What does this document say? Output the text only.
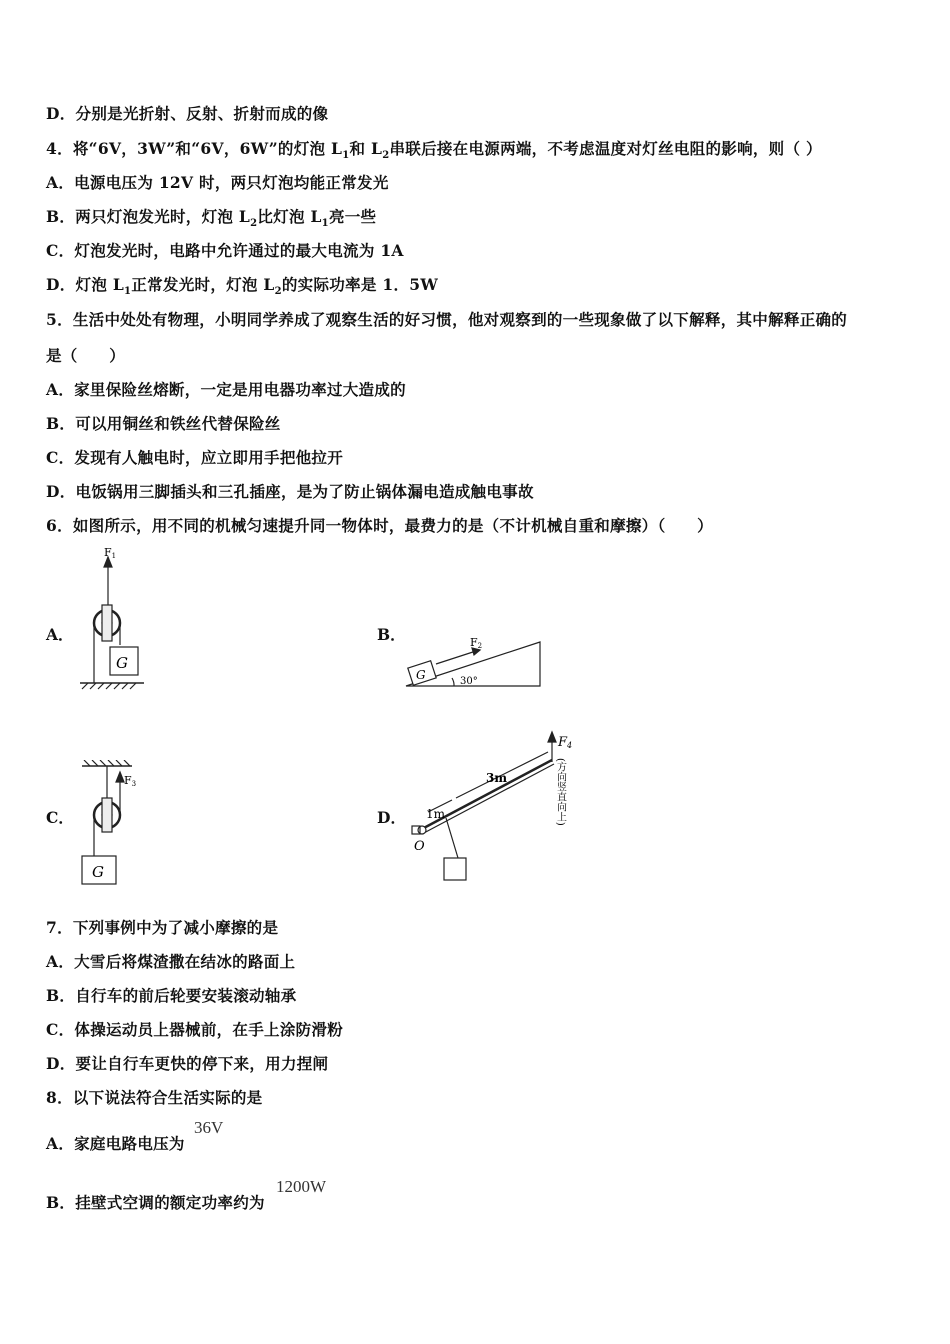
D．分别是光折射、反射、折射而成的像
4．将“6V，3W”和“6V，6W”的灯泡 $L_1$和 $L_2$串联后接在电源两端，不考虑温度对灯丝电阻的影响，则（ ）
A．电源电压为 12V 时，两只灯泡均能正常发光
B．两只灯泡发光时，灯泡 $L_2$比灯泡 $L_1$亮一些
C．灯泡发光时，电路中允许通过的最大电流为 1A
D．灯泡 $L_1$正常发光时，灯泡 $L_2$的实际功率是 1．5W
5．生活中处处有物理，小明同学养成了观察生活的好习惯，他对观察到的一些现象做了以下解释，其中解释正确的
是（　　）
A．家里保险丝熔断，一定是用电器功率过大造成的
B．可以用铜丝和铁丝代替保险丝
C．发现有人触电时，应立即用手把他拉开
D．电饭锅用三脚插头和三孔插座，是为了防止锅体漏电造成触电事故
6．如图所示，用不同的机械匀速提升同一物体时，最费力的是（不计机械自重和摩擦）（　　）
A．	B．
C．	D．
F1
G
F2
G	30°
F3
G
F4
(方向竖直向上)
1m
3m
O
7．下列事例中为了减小摩擦的是
A．大雪后将煤渣撒在结冰的路面上
B．自行车的前后轮要安装滚动轴承
C．体操运动员上器械前，在手上涂防滑粉
D．要让自行车更快的停下来，用力捏闸
8．以下说法符合生活实际的是
A．家庭电路电压为
36V
B．挂壁式空调的额定功率约为
1200W
